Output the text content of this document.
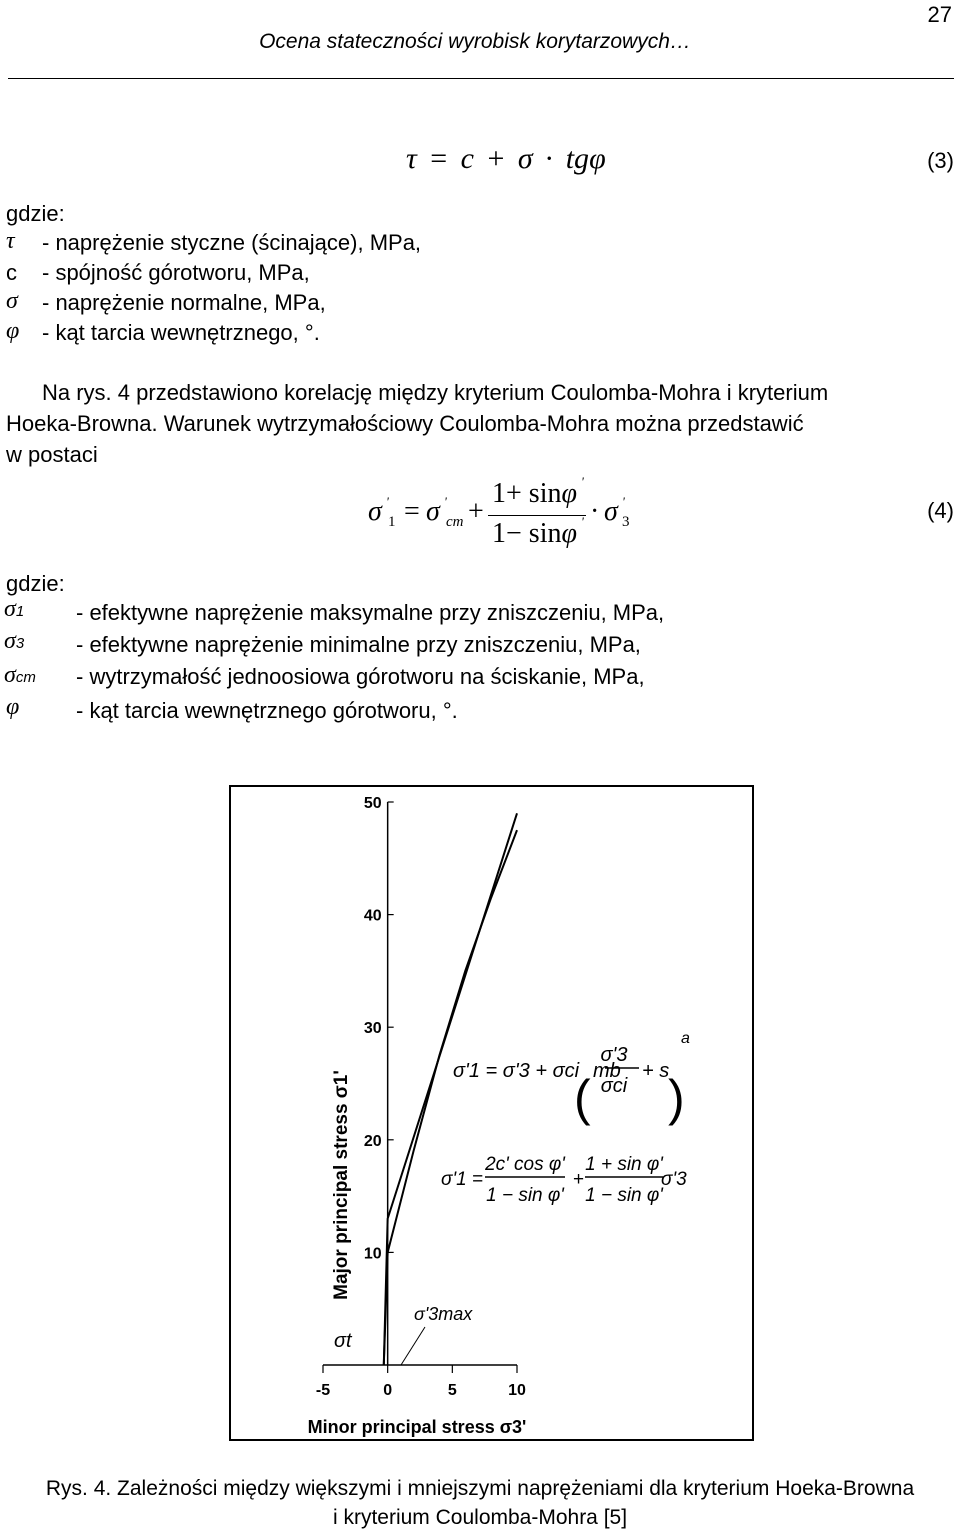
27
Ocena stateczności wyrobisk korytarzowych…
τ = c + σ · tgφ	(3)
gdzie:
τ - naprężenie styczne (ścinające), MPa,
c - spójność górotworu, MPa,
σ - naprężenie normalne, MPa,
φ - kąt tarcia wewnętrznego, °.
Na rys. 4 przedstawiono korelację między kryterium Coulomba-Mohra i kryterium
Hoeka-Browna. Warunek wytrzymałościowy Coulomba-Mohra można przedstawić
w postaci
σ '
1 = σ '
cm +
1+ sinφ '
1− sinφ ' · σ '
3	(4)
gdzie:
σ1 - efektywne naprężenie maksymalne przy zniszczeniu, MPa,
σ3 - efektywne naprężenie minimalne przy zniszczeniu, MPa,
σcm - wytrzymałość jednoosiowa górotworu na ściskanie, MPa,
φ	- kąt tarcia wewnętrznego górotworu, °.
-5	0	5	10
50
40
30
20
10
Major principal stress σ1'
Minor principal stress σ3'
σ'1 = σ'3 + σci
( mb
σ'3
σci
+ s
)
a
σ'1 =
2c' cos φ'
1 − sin φ'
+
1 + sin φ'
1 − sin φ'
σ'3
σt
σ'3max
Rys. 4. Zależności między większymi i mniejszymi naprężeniami dla kryterium Hoeka-Browna
i kryterium Coulomba-Mohra [5]
